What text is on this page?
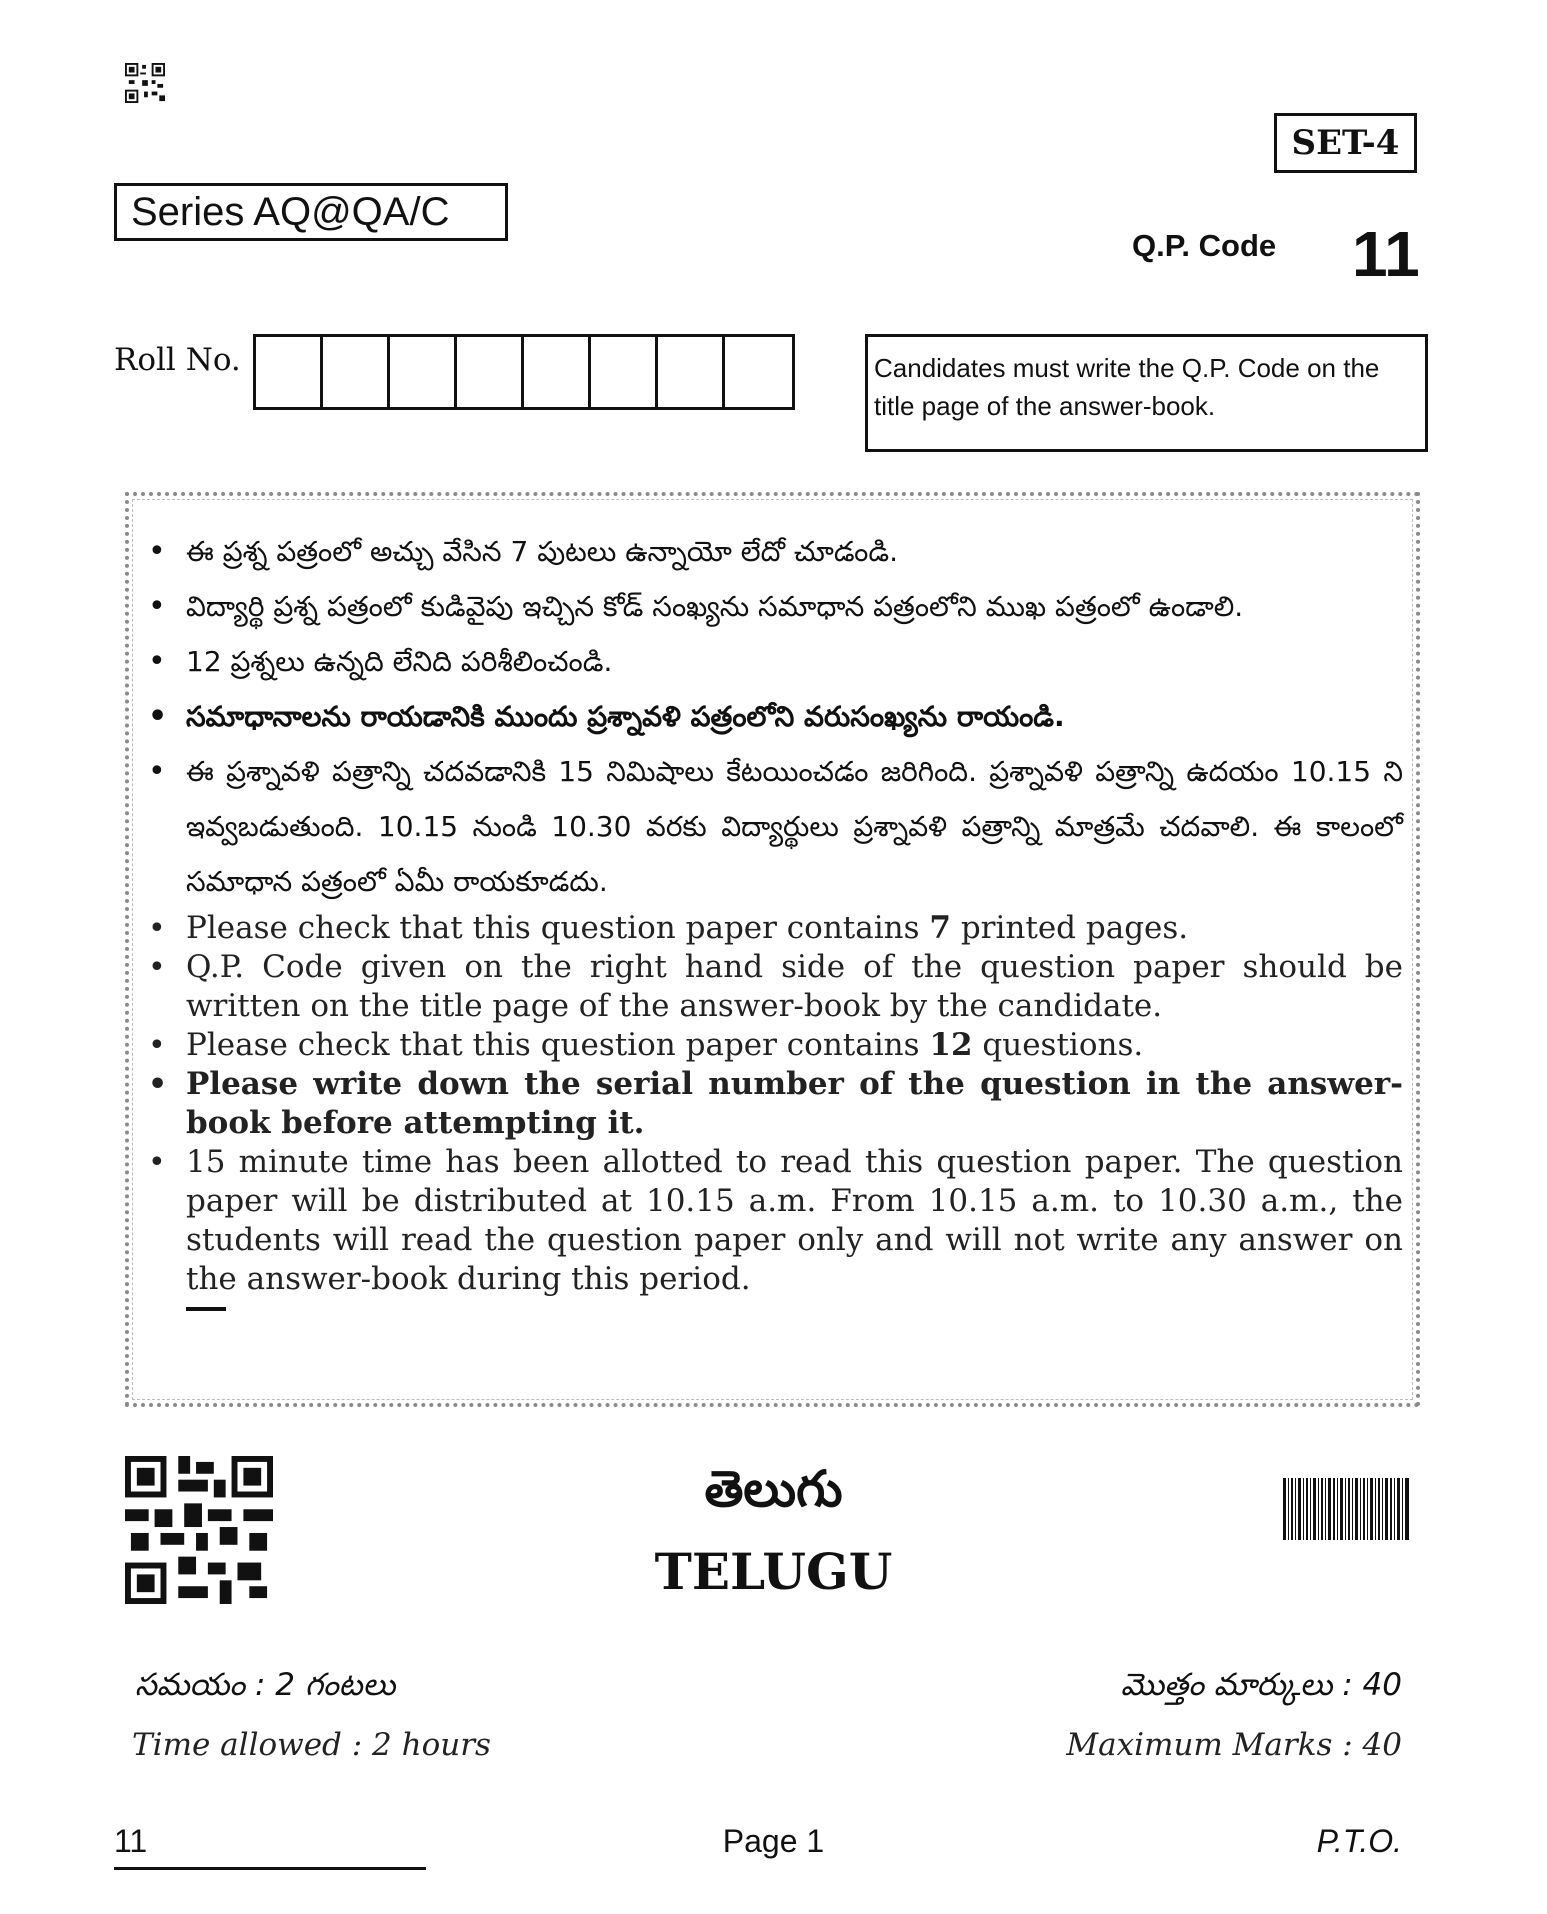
SET-4
Series AQ@QA/C
Q.P. Code 11
Roll No.	Candidates must write the Q.P. Code on the title page of the answer-book.
• ఈ ప్రశ్న పత్రంలో అచ్చు వేసిన 7 పుటలు ఉన్నాయో లేదో చూడండి.
• విద్యార్థి ప్రశ్న పత్రంలో కుడివైపు ఇచ్చిన కోడ్ సంఖ్యను సమాధాన పత్రంలోని ముఖ పత్రంలో ఉండాలి.
• 12 ప్రశ్నలు ఉన్నది లేనిది పరిశీలించండి.
• సమాధానాలను రాయడానికి ముందు ప్రశ్నావళి పత్రంలోని వరుసంఖ్యను రాయండి.
• ఈ ప్రశ్నావళి పత్రాన్ని చదవడానికి 15 నిమిషాలు కేటయించడం జరిగింది. ప్రశ్నావళి పత్రాన్ని ఉదయం 10.15 ని ఇవ్వబడుతుంది. 10.15 నుండి 10.30 వరకు విద్యార్థులు ప్రశ్నావళి పత్రాన్ని మాత్రమే చదవాలి. ఈ కాలంలో సమాధాన పత్రంలో ఏమీ రాయకూడదు.
• Please check that this question paper contains 7 printed pages.
• Q.P. Code given on the right hand side of the question paper should be written on the title page of the answer-book by the candidate.
• Please check that this question paper contains 12 questions.
• Please write down the serial number of the question in the answer-book before attempting it.
• 15 minute time has been allotted to read this question paper. The question paper will be distributed at 10.15 a.m. From 10.15 a.m. to 10.30 a.m., the students will read the question paper only and will not write any answer on the answer-book during this period.
తెలుగు
TELUGU
సమయం : 2 గంటలు
Time allowed : 2 hours
మొత్తం మార్కులు : 40
Maximum Marks : 40
11	Page 1	P.T.O.
